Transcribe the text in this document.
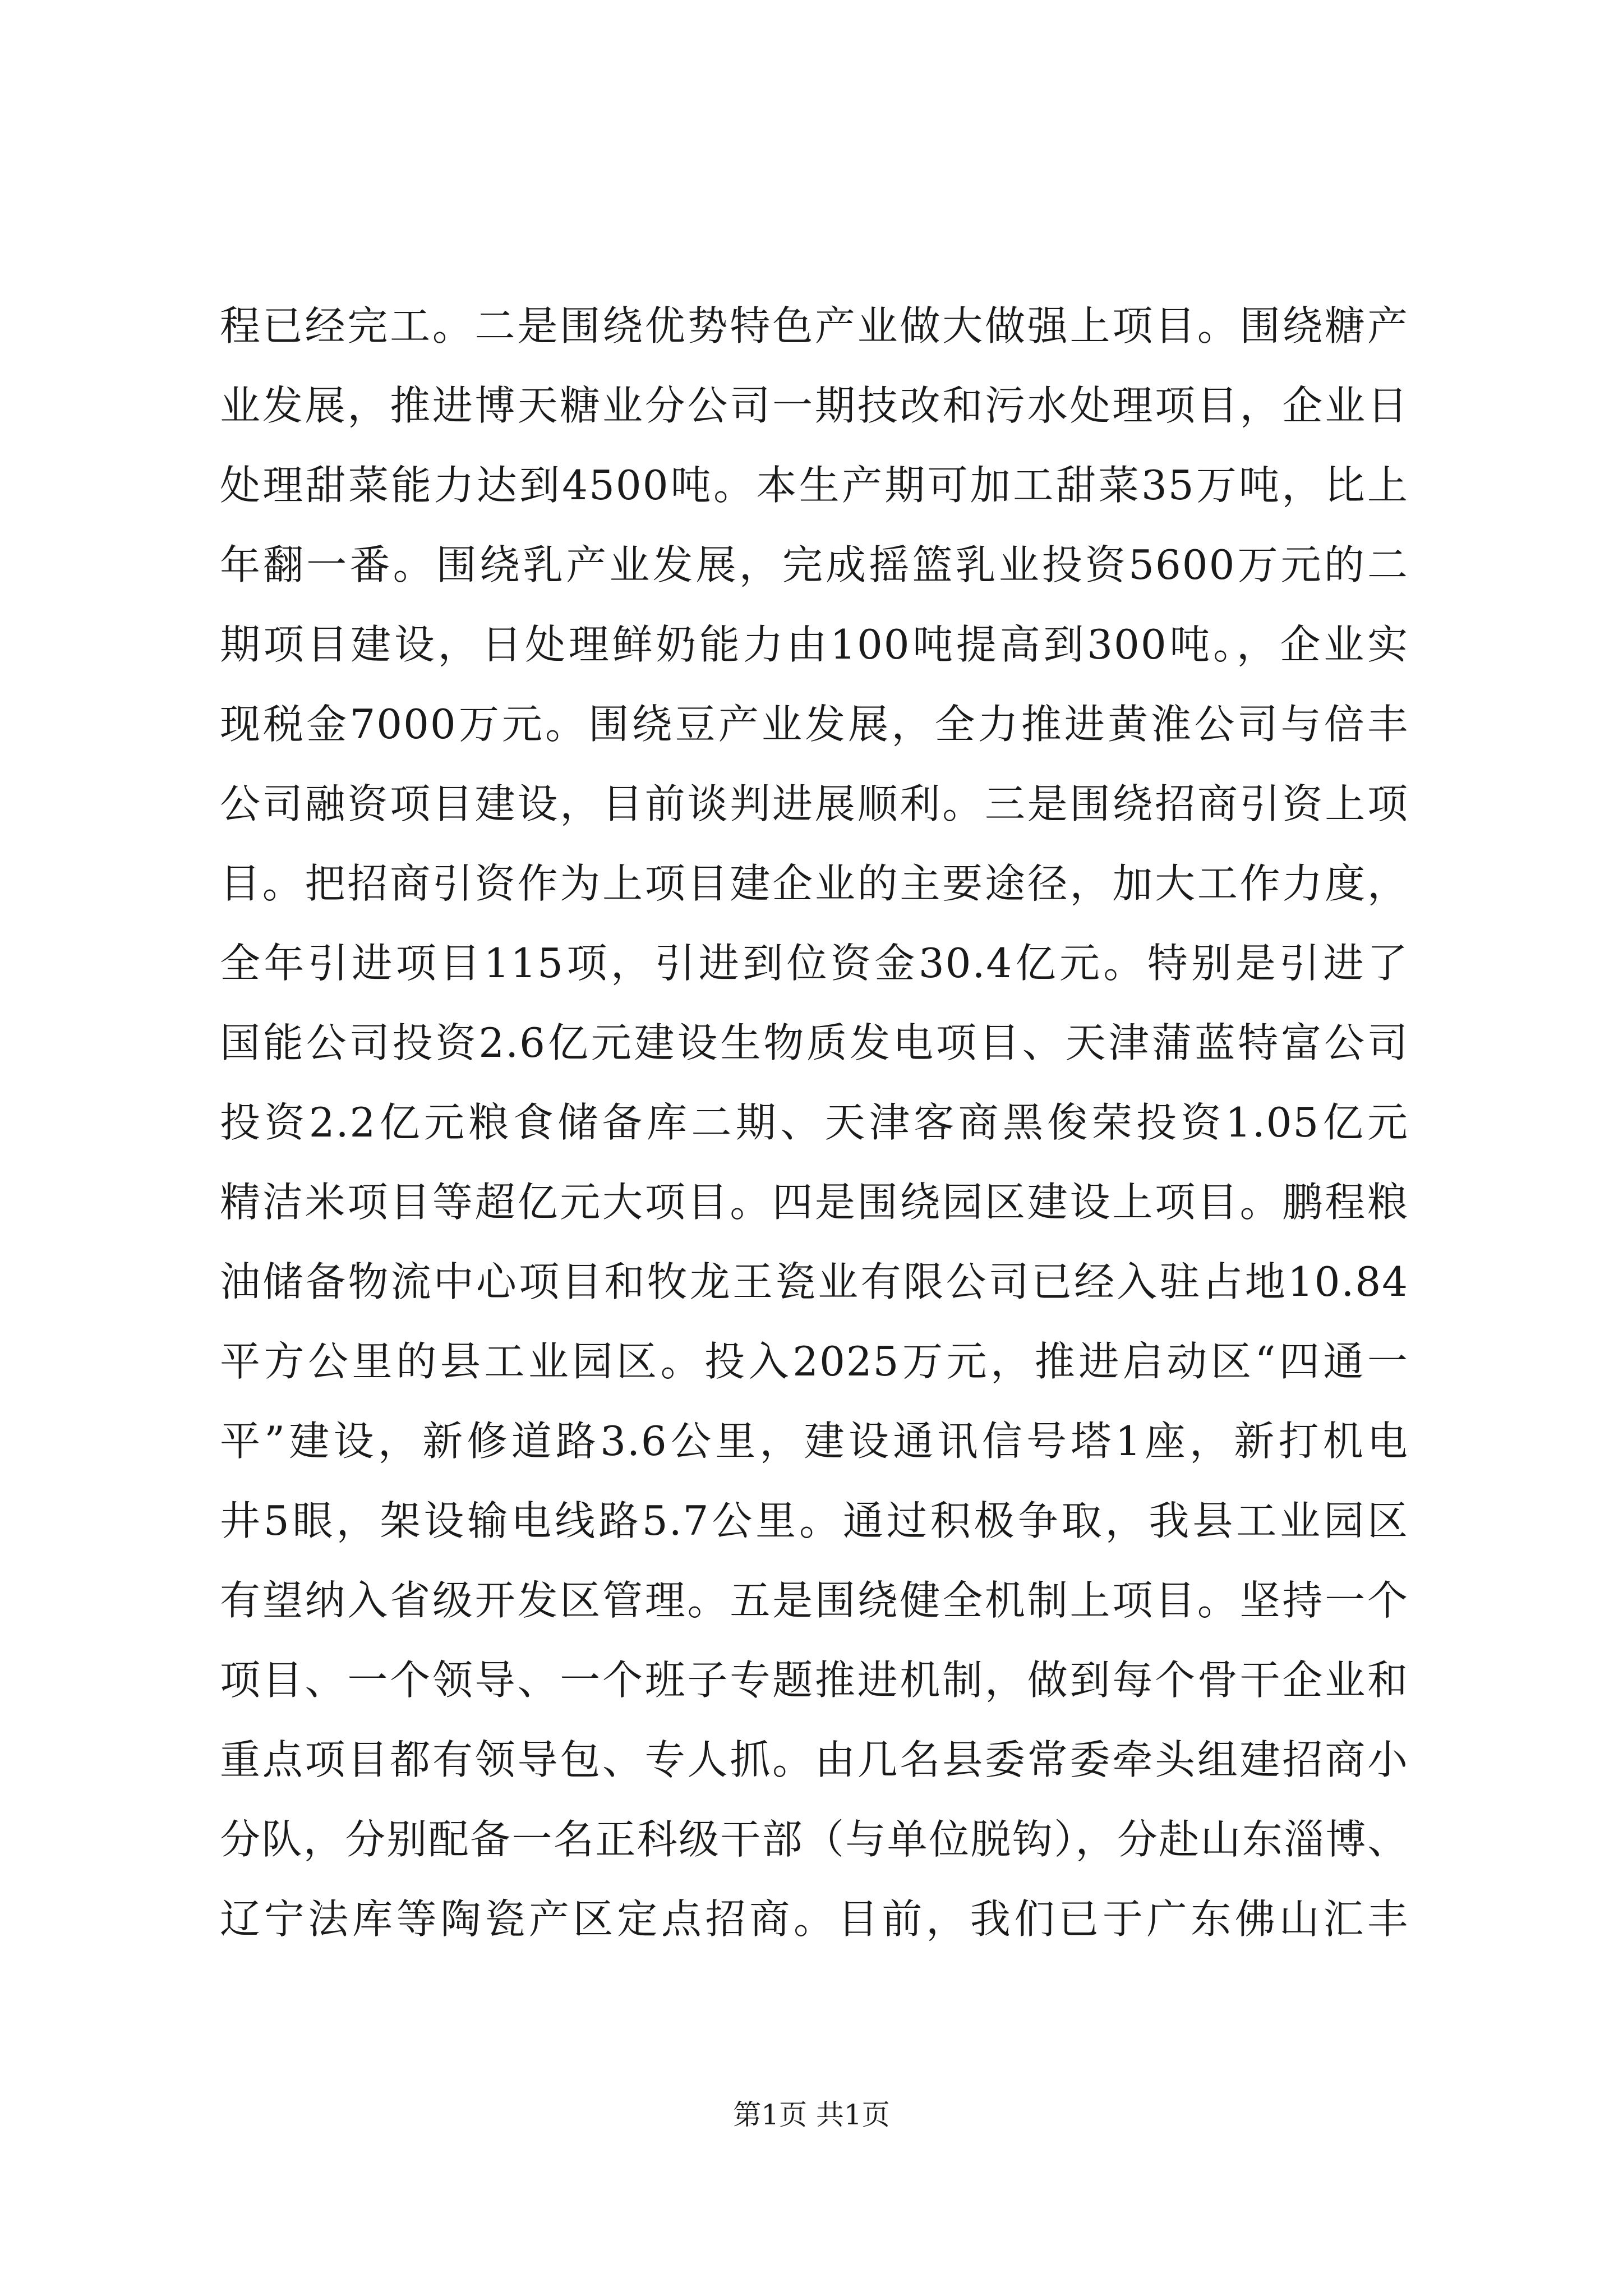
程已经完工。二是围绕优势特色产业做大做强上项目。围绕糖产
业发展，推进博天糖业分公司一期技改和污水处理项目，企业日
处理甜菜能力达到4500吨。本生产期可加工甜菜35万吨，比上
年翻一番。围绕乳产业发展，完成摇篮乳业投资5600万元的二
期项目建设，日处理鲜奶能力由100吨提高到300吨。，企业实
现税金7000万元。围绕豆产业发展，全力推进黄淮公司与倍丰
公司融资项目建设，目前谈判进展顺利。三是围绕招商引资上项
目。把招商引资作为上项目建企业的主要途径，加大工作力度，
全年引进项目115项，引进到位资金30.4亿元。特别是引进了
国能公司投资2.6亿元建设生物质发电项目、天津蒲蓝特富公司
投资2.2亿元粮食储备库二期、天津客商黑俊荣投资1.05亿元
精洁米项目等超亿元大项目。四是围绕园区建设上项目。鹏程粮
油储备物流中心项目和牧龙王瓷业有限公司已经入驻占地10.84
平方公里的县工业园区。投入2025万元，推进启动区“四通一
平”建设，新修道路3.6公里，建设通讯信号塔1座，新打机电
井5眼，架设输电线路5.7公里。通过积极争取，我县工业园区
有望纳入省级开发区管理。五是围绕健全机制上项目。坚持一个
项目、一个领导、一个班子专题推进机制，做到每个骨干企业和
重点项目都有领导包、专人抓。由几名县委常委牵头组建招商小
分队，分别配备一名正科级干部（与单位脱钩），分赴山东淄博、
辽宁法库等陶瓷产区定点招商。目前，我们已于广东佛山汇丰
第1页 共1页
